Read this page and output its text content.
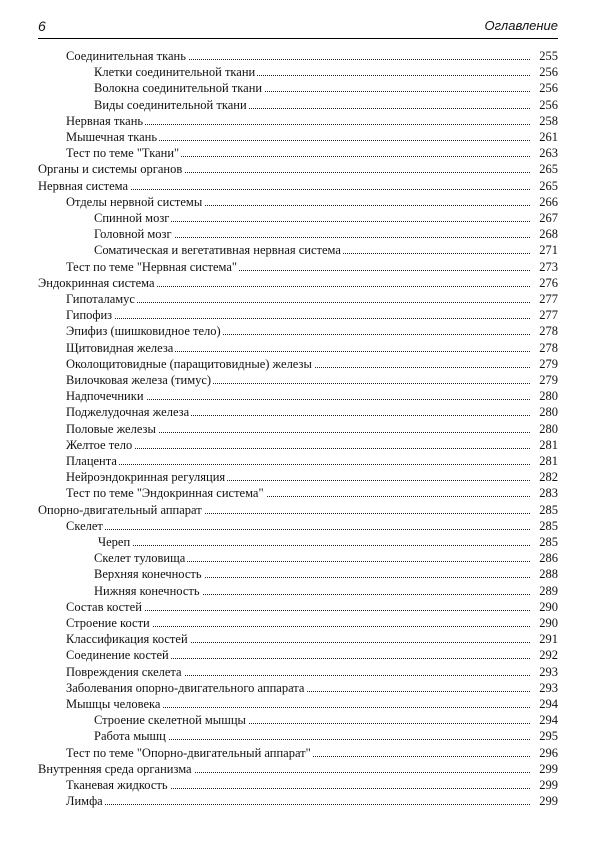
6	Оглавление
Соединительная ткань	255
Клетки соединительной ткани	256
Волокна соединительной ткани	256
Виды соединительной ткани	256
Нервная ткань	258
Мышечная ткань	261
Тест по теме "Ткани"	263
Органы и системы органов	265
Нервная система	265
Отделы нервной системы	266
Спинной мозг	267
Головной мозг	268
Соматическая и вегетативная нервная система	271
Тест по теме "Нервная система"	273
Эндокринная система	276
Гипоталамус	277
Гипофиз	277
Эпифиз (шишковидное тело)	278
Щитовидная железа	278
Околощитовидные (паращитовидные) железы	279
Вилочковая железа (тимус)	279
Надпочечники	280
Поджелудочная железа	280
Половые железы	280
Желтое тело	281
Плацента	281
Нейроэндокринная регуляция	282
Тест по теме "Эндокринная система"	283
Опорно-двигательный аппарат	285
Скелет	285
Череп	285
Скелет туловища	286
Верхняя конечность	288
Нижняя конечность	289
Состав костей	290
Строение кости	290
Классификация костей	291
Соединение костей	292
Повреждения скелета	293
Заболевания опорно-двигательного аппарата	293
Мышцы человека	294
Строение скелетной мышцы	294
Работа мышц	295
Тест по теме "Опорно-двигательный аппарат"	296
Внутренняя среда организма	299
Тканевая жидкость	299
Лимфа	299
